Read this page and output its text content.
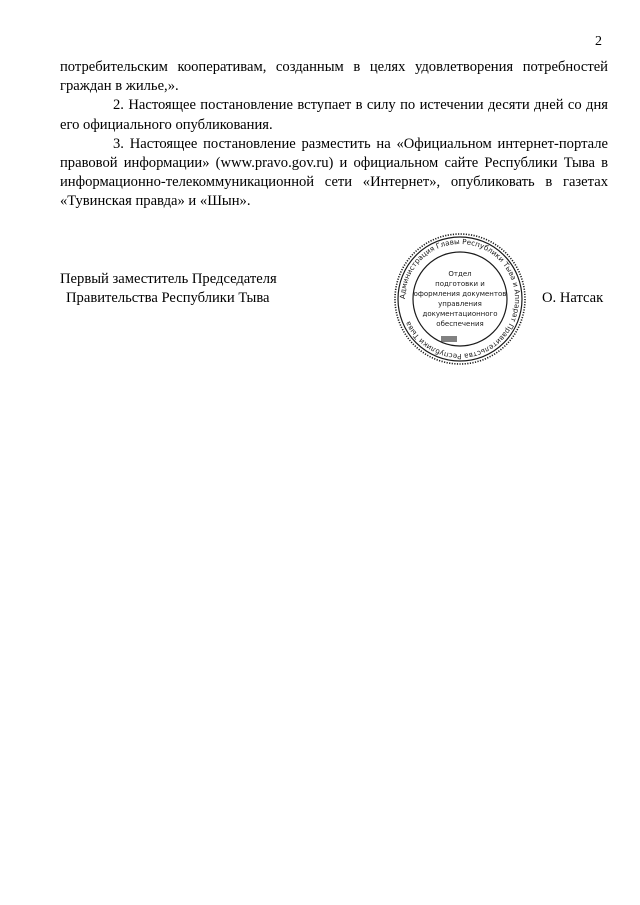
2

потребительским кооперативам, созданным в целях удовлетворения потребностей граждан в жилье,».

2. Настоящее постановление вступает в силу по истечении десяти дней со дня его официального опубликования.

3. Настоящее постановление разместить на «Официальном интернет-портале правовой информации» (www.pravo.gov.ru) и официальном сайте Республики Тыва в информационно-телекоммуникационной сети «Интернет», опубликовать в газетах «Тувинская правда» и «Шын».

Первый заместитель Председателя
Правительства Республики Тыва	Администрация Главы Республики Тыва и Аппарат Правительства Республики Тыва
Отдел
подготовки и
оформления документов
управления
документационного
обеспечения
О. Натсак
